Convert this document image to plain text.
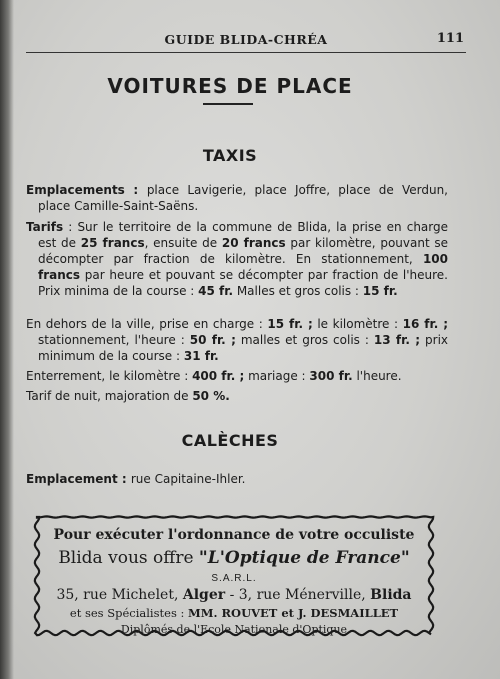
GUIDE BLIDA-CHRÉA	111
VOITURES DE PLACE
TAXIS

Emplacements : place Lavigerie, place Joffre, place de Verdun, place Camille-Saint-Saëns.

Tarifs : Sur le territoire de la commune de Blida, la prise en charge est de 25 francs, ensuite de 20 francs par kilomètre, pouvant se décompter par fraction de kilomètre. En stationnement, 100 francs par heure et pouvant se décompter par fraction de l'heure. Prix minima de la course : 45 fr. Malles et gros colis : 15 fr.

En dehors de la ville, prise en charge : 15 fr. ; le kilomètre : 16 fr. ; stationnement, l'heure : 50 fr. ; malles et gros colis : 13 fr. ; prix minimum de la course : 31 fr.

Enterrement, le kilomètre : 400 fr. ; mariage : 300 fr. l'heure.

Tarif de nuit, majoration de 50 %.

CALÈCHES

Emplacement : rue Capitaine-Ihler.

Pour exécuter l'ordonnance de votre occuliste
Blida vous offre "L'Optique de France"
S.A.R.L.
35, rue Michelet, Alger - 3, rue Ménerville, Blida
et ses Spécialistes : MM. ROUVET et J. DESMAILLET
Diplômés de l'Ecole Nationale d'Optique
